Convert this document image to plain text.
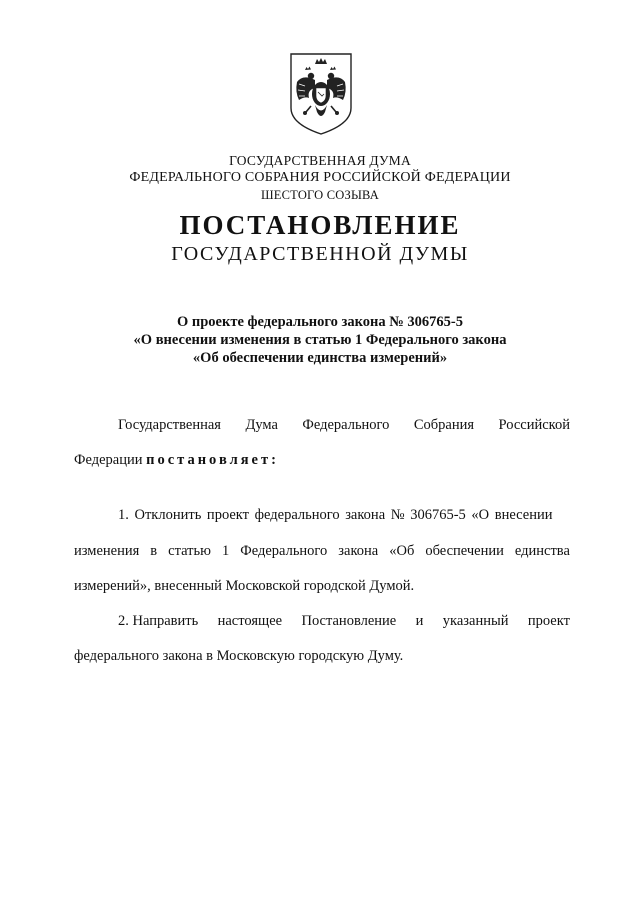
ГОСУДАРСТВЕННАЯ ДУМА
ФЕДЕРАЛЬНОГО СОБРАНИЯ РОССИЙСКОЙ ФЕДЕРАЦИИ
ШЕСТОГО СОЗЫВА
ПОСТАНОВЛЕНИЕ
ГОСУДАРСТВЕННОЙ ДУМЫ
О проекте федерального закона № 306765-5
«О внесении изменения в статью 1 Федерального закона
«Об обеспечении единства измерений»
Государственная Дума Федерального Собрания Российской
Федерации постановляет:
1. Отклонить проект федерального закона № 306765-5 «О внесении
изменения в статью 1 Федерального закона «Об обеспечении единства
измерений», внесенный Московской городской Думой.
2. Направить настоящее Постановление и указанный проект
федерального закона в Московскую городскую Думу.
